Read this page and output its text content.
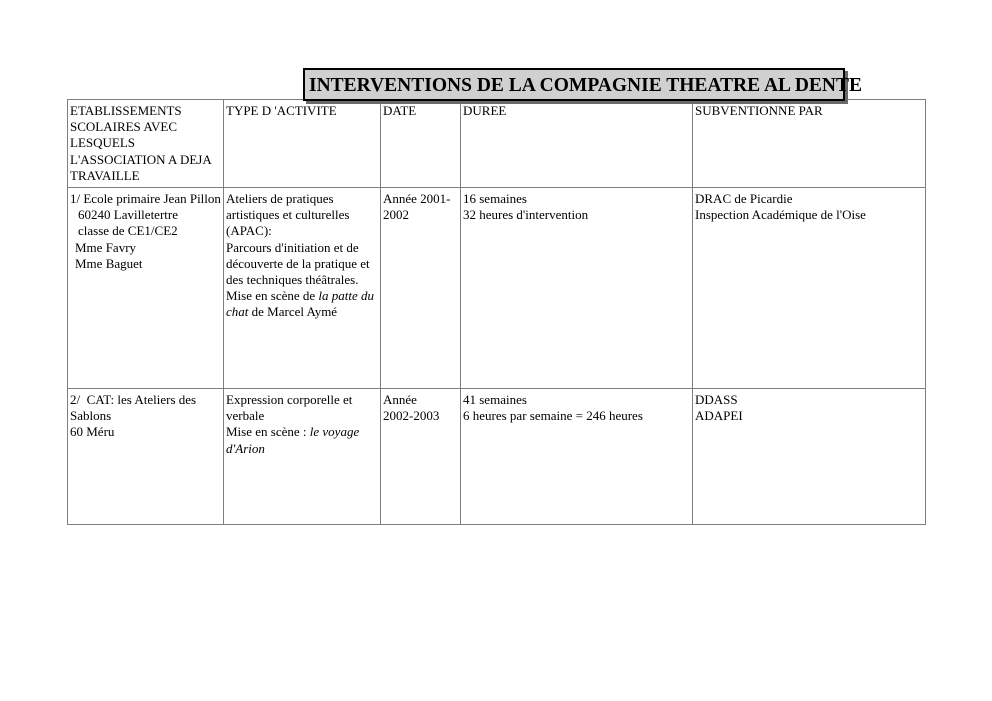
INTERVENTIONS DE LA COMPAGNIE THEATRE AL DENTE
ETABLISSEMENTS SCOLAIRES AVEC LESQUELS L'ASSOCIATION A DEJA TRAVAILLE	TYPE D 'ACTIVITE	DATE	DUREE	SUBVENTIONNE PAR

1/ Ecole primaire Jean Pillon
60240 Lavilletertre
classe de CE1/CE2
Mme Favry
Mme Baguet	Ateliers de pratiques artistiques et culturelles (APAC):
Parcours d'initiation et de découverte de la pratique et des techniques théâtrales.
Mise en scène de la patte du chat de Marcel Aymé	Année 2001-2002	16 semaines
32 heures d'intervention	DRAC de Picardie
Inspection Académique de l'Oise

2/  CAT: les Ateliers des Sablons
60 Méru	Expression corporelle et verbale
Mise en scène : le voyage d'Arion	Année
2002-2003	41 semaines
6 heures par semaine = 246 heures	DDASS
ADAPEI
